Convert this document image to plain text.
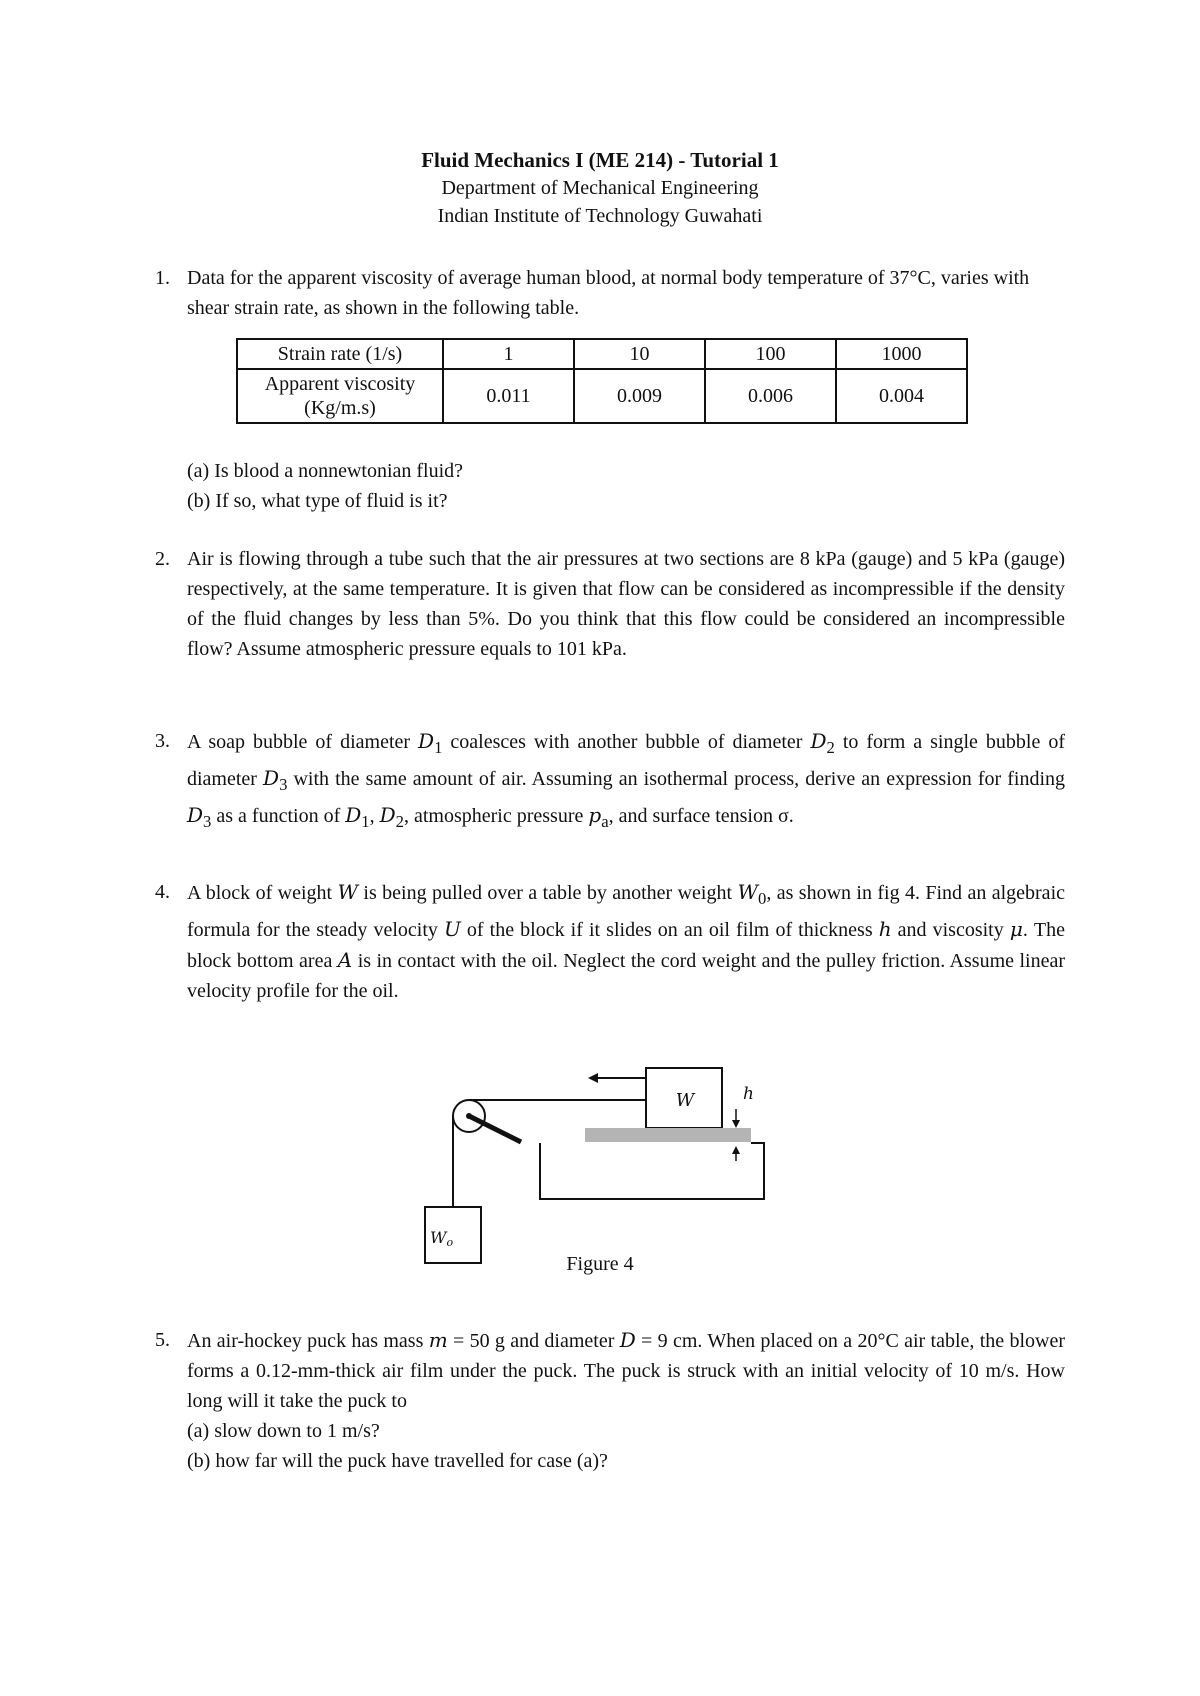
Fluid Mechanics I (ME 214) - Tutorial 1
Department of Mechanical Engineering
Indian Institute of Technology Guwahati
1. Data for the apparent viscosity of average human blood, at normal body temperature of 37°C, varies with shear strain rate, as shown in the following table.

Strain rate (1/s)	1	10	100	1000
Apparent viscosity (Kg/m.s)	0.011	0.009	0.006	0.004

(a) Is blood a nonnewtonian fluid?

(b) If so, what type of fluid is it?

2. Air is flowing through a tube such that the air pressures at two sections are 8 kPa (gauge) and 5 kPa (gauge) respectively, at the same temperature. It is given that flow can be considered as incompressible if the density of the fluid changes by less than 5%. Do you think that this flow could be considered an incompressible flow? Assume atmospheric pressure equals to 101 kPa.

3. A soap bubble of diameter $D_1$ coalesces with another bubble of diameter $D_2$ to form a single bubble of diameter $D_3$ with the same amount of air. Assuming an isothermal process, derive an expression for finding $D_3$ as a function of $D_1$, $D_2$, atmospheric pressure $p_a$, and surface tension σ.

4. A block of weight W is being pulled over a table by another weight $W_0$, as shown in fig 4. Find an algebraic formula for the steady velocity U of the block if it slides on an oil film of thickness h and viscosity μ. The block bottom area A is in contact with the oil. Neglect the cord weight and the pulley friction. Assume linear velocity profile for the oil.

W	h
Wo
Figure 4
5. An air-hockey puck has mass m = 50 g and diameter D = 9 cm. When placed on a 20°C air table, the blower forms a 0.12-mm-thick air film under the puck. The puck is struck with an initial velocity of 10 m/s. How long will it take the puck to

(a) slow down to 1 m/s?

(b) how far will the puck have travelled for case (a)?
